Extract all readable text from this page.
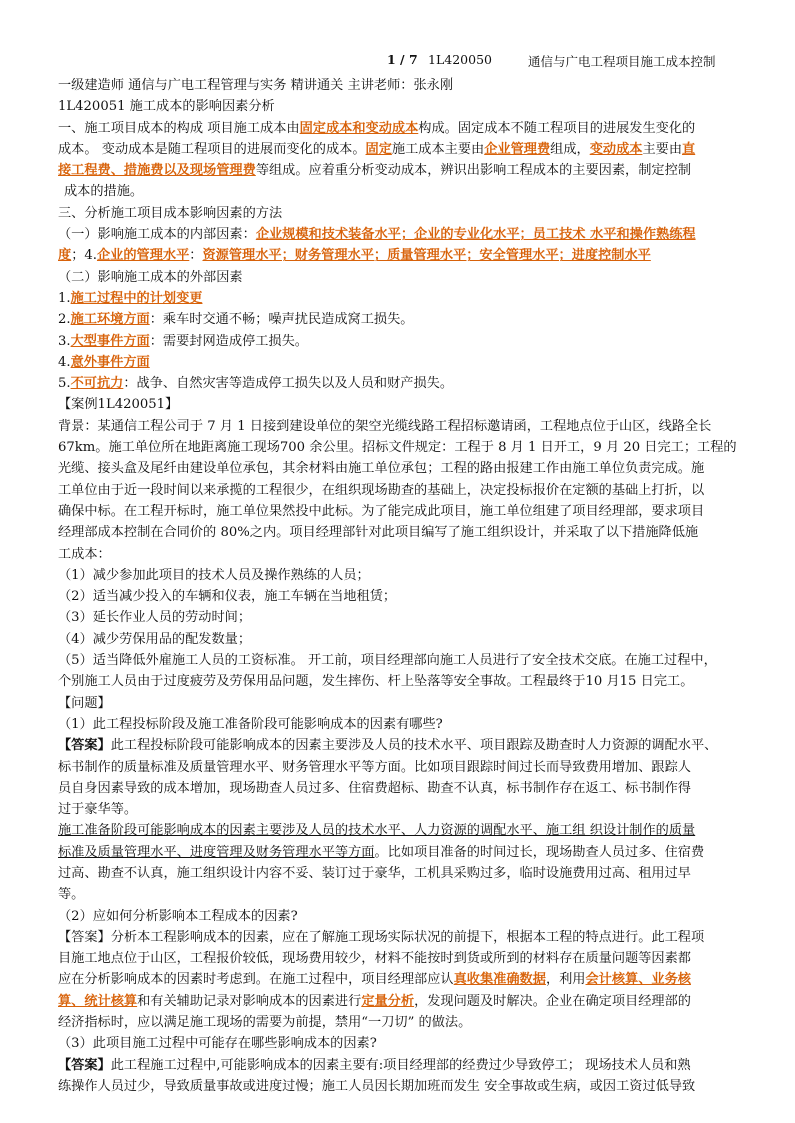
1 / 7 1L420050	通信与广电工程项目施工成本控制

一级建造师 通信与广电工程管理与实务 精讲通关 主讲老师：张永刚

1L420051 施工成本的影响因素分析

一、施工项目成本的构成 项目施工成本由固定成本和变动成本构成。固定成本不随工程项目的进展发生变化的

成本。 变动成本是随工程项目的进展而变化的成本。固定施工成本主要由企业管理费组成，变动成本主要由直

接工程费、措施费以及现场管理费等组成。应着重分析变动成本，辨识出影响工程成本的主要因素，制定控制

成本的措施。

三、分析施工项目成本影响因素的方法

（一）影响施工成本的内部因素：企业规模和技术装备水平；企业的专业化水平；员工技术 水平和操作熟练程

度；4.企业的管理水平：资源管理水平；财务管理水平；质量管理水平；安全管理水平；进度控制水平

（二）影响施工成本的外部因素

1.施工过程中的计划变更

2.施工环境方面：乘车时交通不畅；噪声扰民造成窝工损失。

3.大型事件方面：需要封网造成停工损失。

4.意外事件方面

5.不可抗力：战争、自然灾害等造成停工损失以及人员和财产损失。

【案例1L420051】

背景：某通信工程公司于 7 月 1 日接到建设单位的架空光缆线路工程招标邀请函，工程地点位于山区，线路全长

67km。施工单位所在地距离施工现场700 余公里。招标文件规定：工程于 8 月 1 日开工，9 月 20 日完工；工程的

光缆、接头盒及尾纤由建设单位承包，其余材料由施工单位承包；工程的路由报建工作由施工单位负责完成。施

工单位由于近一段时间以来承揽的工程很少，在组织现场勘查的基础上，决定投标报价在定额的基础上打折，以

确保中标。在工程开标时，施工单位果然投中此标。为了能完成此项目，施工单位组建了项目经理部，要求项目

经理部成本控制在合同价的 80%之内。项目经理部针对此项目编写了施工组织设计，并采取了以下措施降低施

工成本：

（1）减少参加此项目的技术人员及操作熟练的人员；

（2）适当减少投入的车辆和仪表，施工车辆在当地租赁；

（3）延长作业人员的劳动时间；

（4）减少劳保用品的配发数量；

（5）适当降低外雇施工人员的工资标准。 开工前，项目经理部向施工人员进行了安全技术交底。在施工过程中，

个别施工人员由于过度疲劳及劳保用品问题，发生摔伤、杆上坠落等安全事故。工程最终于10 月15 日完工。

【问题】

（1）此工程投标阶段及施工准备阶段可能影响成本的因素有哪些?

【答案】此工程投标阶段可能影响成本的因素主要涉及人员的技术水平、项目跟踪及勘查时人力资源的调配水平、

标书制作的质量标准及质量管理水平、财务管理水平等方面。比如项目跟踪时间过长而导致费用增加、跟踪人

员自身因素导致的成本增加，现场勘查人员过多、住宿费超标、勘查不认真，标书制作存在返工、标书制作得

过于豪华等。

施工准备阶段可能影响成本的因素主要涉及人员的技术水平、人力资源的调配水平、施工组 织设计制作的质量

标准及质量管理水平、进度管理及财务管理水平等方面。比如项目准备的时间过长，现场勘查人员过多、住宿费

过高、勘查不认真，施工组织设计内容不妥、装订过于豪华，工机具采购过多，临时设施费用过高、租用过早

等。

（2）应如何分析影响本工程成本的因素?

【答案】分析本工程影响成本的因素，应在了解施工现场实际状况的前提下，根据本工程的特点进行。此工程项

目施工地点位于山区，工程报价较低，现场费用较少，材料不能按时到货或所到的材料存在质量问题等因素都

应在分析影响成本的因素时考虑到。在施工过程中，项目经理部应认真收集准确数据，利用会计核算、业务核

算、统计核算和有关辅助记录对影响成本的因素进行定量分析，发现问题及时解决。企业在确定项目经理部的

经济指标时，应以满足施工现场的需要为前提，禁用“一刀切” 的做法。

（3）此项目施工过程中可能存在哪些影响成本的因素?

【答案】此工程施工过程中,可能影响成本的因素主要有:项目经理部的经费过少导致停工； 现场技术人员和熟

练操作人员过少，导致质量事故或进度过慢；施工人员因长期加班而发生 安全事故或生病，或因工资过低导致
